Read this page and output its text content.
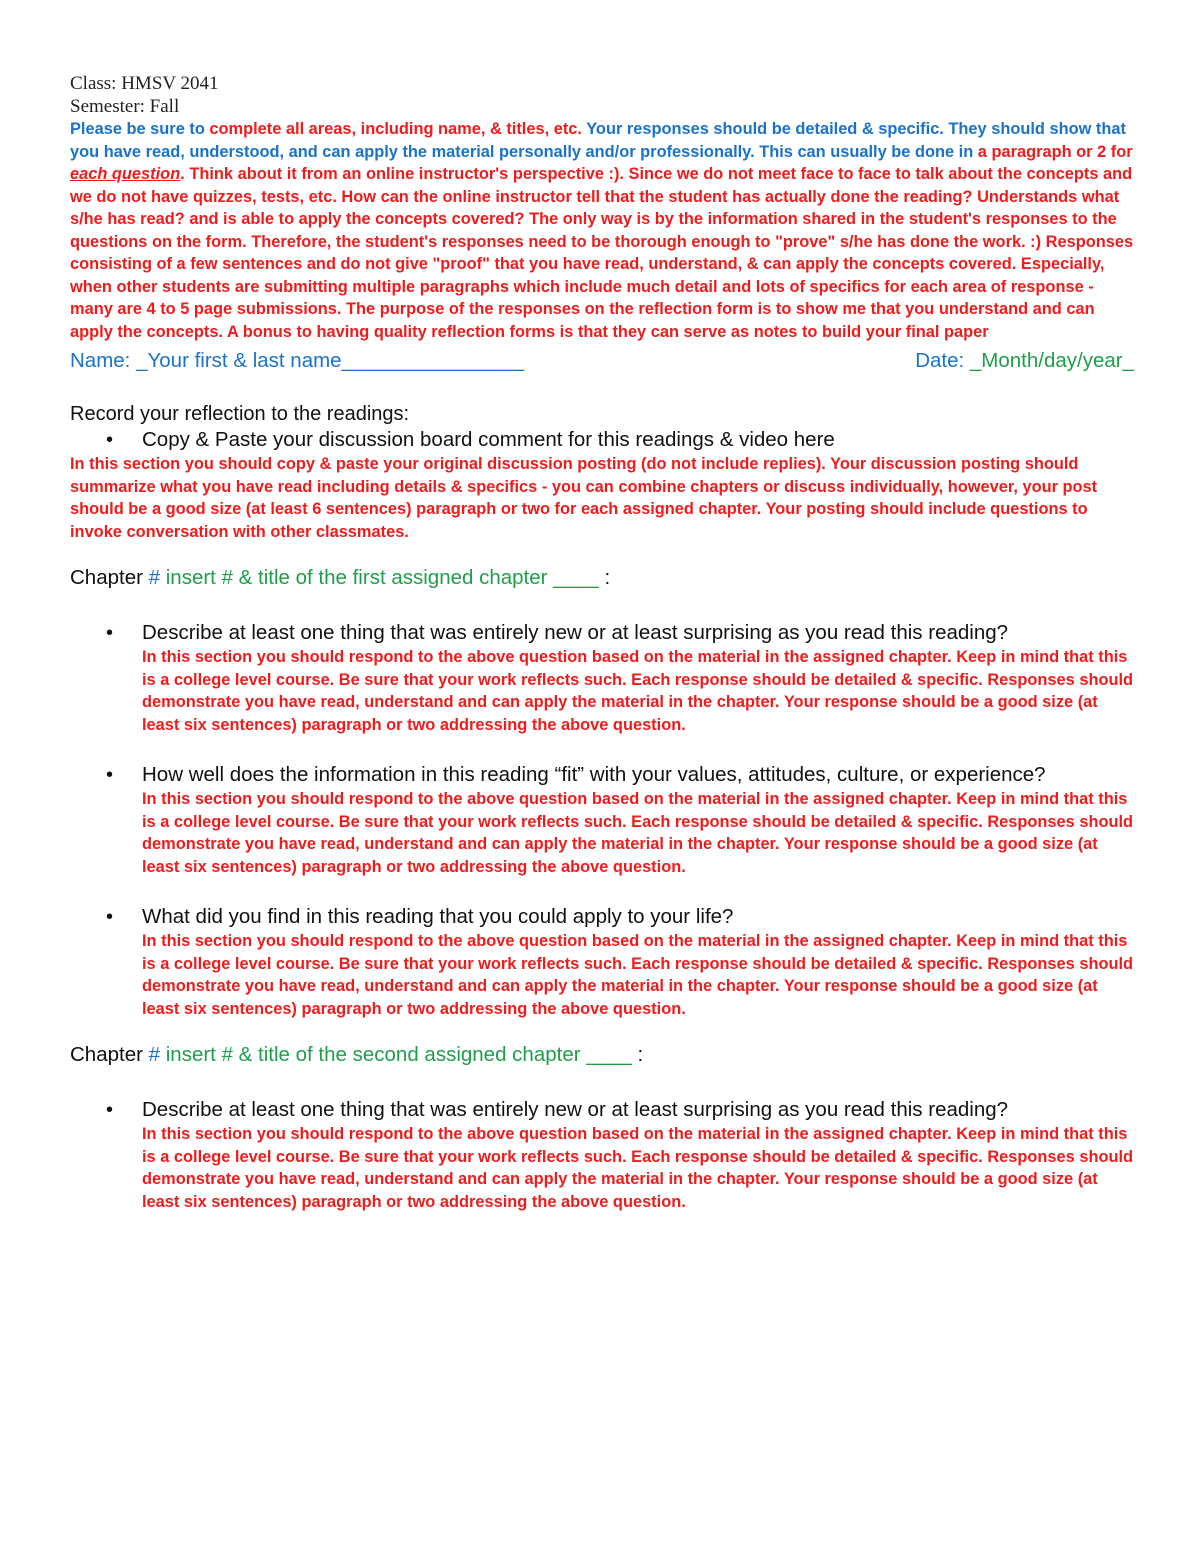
Class: HMSV 2041
Semester: Fall
Please be sure to complete all areas, including name, & titles, etc. Your responses should be detailed & specific. They should show that you have read, understood, and can apply the material personally and/or professionally. This can usually be done in a paragraph or 2 for each question. Think about it from an online instructor's perspective :). Since we do not meet face to face to talk about the concepts and we do not have quizzes, tests, etc. How can the online instructor tell that the student has actually done the reading? Understands what s/he has read? and is able to apply the concepts covered? The only way is by the information shared in the student's responses to the questions on the form. Therefore, the student's responses need to be thorough enough to "prove" s/he has done the work. :) Responses consisting of a few sentences and do not give "proof" that you have read, understand, & can apply the concepts covered. Especially, when other students are submitting multiple paragraphs which include much detail and lots of specifics for each area of response - many are 4 to 5 page submissions. The purpose of the responses on the reflection form is to show me that you understand and can apply the concepts. A bonus to having quality reflection forms is that they can serve as notes to build your final paper
Name: _Your first & last name________________	Date: _Month/day/year_
Record your reflection to the readings:
•	Copy & Paste your discussion board comment for this readings & video here
In this section you should copy & paste your original discussion posting (do not include replies). Your discussion posting should summarize what you have read including details & specifics - you can combine chapters or discuss individually, however, your post should be a good size (at least 6 sentences) paragraph or two for each assigned chapter. Your posting should include questions to invoke conversation with other classmates.
Chapter # insert # & title of the first assigned chapter ____ :
•	Describe at least one thing that was entirely new or at least surprising as you read this reading?
In this section you should respond to the above question based on the material in the assigned chapter. Keep in mind that this is a college level course. Be sure that your work reflects such. Each response should be detailed & specific. Responses should demonstrate you have read, understand and can apply the material in the chapter. Your response should be a good size (at least six sentences) paragraph or two addressing the above question.
•	How well does the information in this reading “fit” with your values, attitudes, culture, or experience?
In this section you should respond to the above question based on the material in the assigned chapter. Keep in mind that this is a college level course. Be sure that your work reflects such. Each response should be detailed & specific. Responses should demonstrate you have read, understand and can apply the material in the chapter. Your response should be a good size (at least six sentences) paragraph or two addressing the above question.
•	What did you find in this reading that you could apply to your life?
In this section you should respond to the above question based on the material in the assigned chapter. Keep in mind that this is a college level course. Be sure that your work reflects such. Each response should be detailed & specific. Responses should demonstrate you have read, understand and can apply the material in the chapter. Your response should be a good size (at least six sentences) paragraph or two addressing the above question.
Chapter # insert # & title of the second assigned chapter ____ :
•	Describe at least one thing that was entirely new or at least surprising as you read this reading?
In this section you should respond to the above question based on the material in the assigned chapter. Keep in mind that this is a college level course. Be sure that your work reflects such. Each response should be detailed & specific. Responses should demonstrate you have read, understand and can apply the material in the chapter. Your response should be a good size (at least six sentences) paragraph or two addressing the above question.
